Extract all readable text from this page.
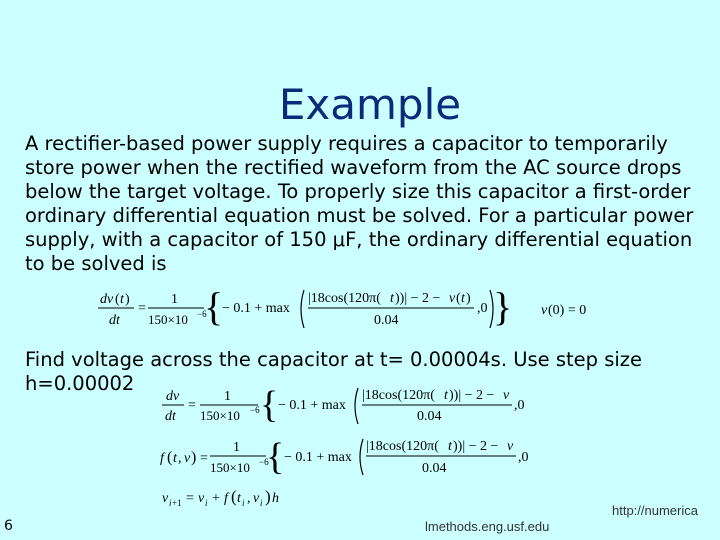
Example
A rectifier-based power supply requires a capacitor to temporarily store power when the rectified waveform from the AC source drops below the target voltage. To properly size this capacitor a first-order ordinary differential equation must be solved. For a particular power supply, with a capacitor of 150 μF, the ordinary differential equation to be solved is
dv ( t )
dt
=
1
150×10 −6
{
− 0.1 + max
|18cos(120π( t ))| − 2 − v ( t )
0.04
,0 } v (0) = 0
Find voltage across the capacitor at t= 0.00004s. Use step size h=0.00002
dv
dt
=
1
150×10 −6 { − 0.1 + max
|18cos(120π( t ))| − 2 − v
0.04
,0
f ( t , v ) =
1
150×10 −6
{ − 0.1 + max
|18cos(120π( t ))| − 2 − v
0.04
,0
v i +1 = v i + f ( t i , v i ) h
6
http://numerica
lmethods.eng.usf.edu
